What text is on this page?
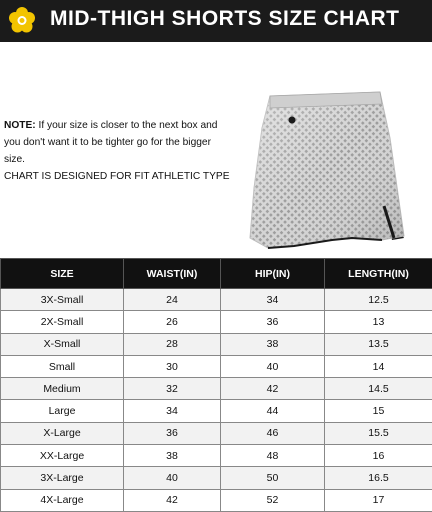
MID-THIGH SHORTS SIZE CHART
NOTE: If your size is closer to the next box and
you don't want it to be tighter go for the bigger
size.
CHART IS DESIGNED FOR FIT ATHLETIC TYPE
SIZE	WAIST(IN)	HIP(IN)	LENGTH(IN)
3X-Small	24	34	12.5
2X-Small	26	36	13
X-Small	28	38	13.5
Small	30	40	14
Medium	32	42	14.5
Large	34	44	15
X-Large	36	46	15.5
XX-Large	38	48	16
3X-Large	40	50	16.5
4X-Large	42	52	17
